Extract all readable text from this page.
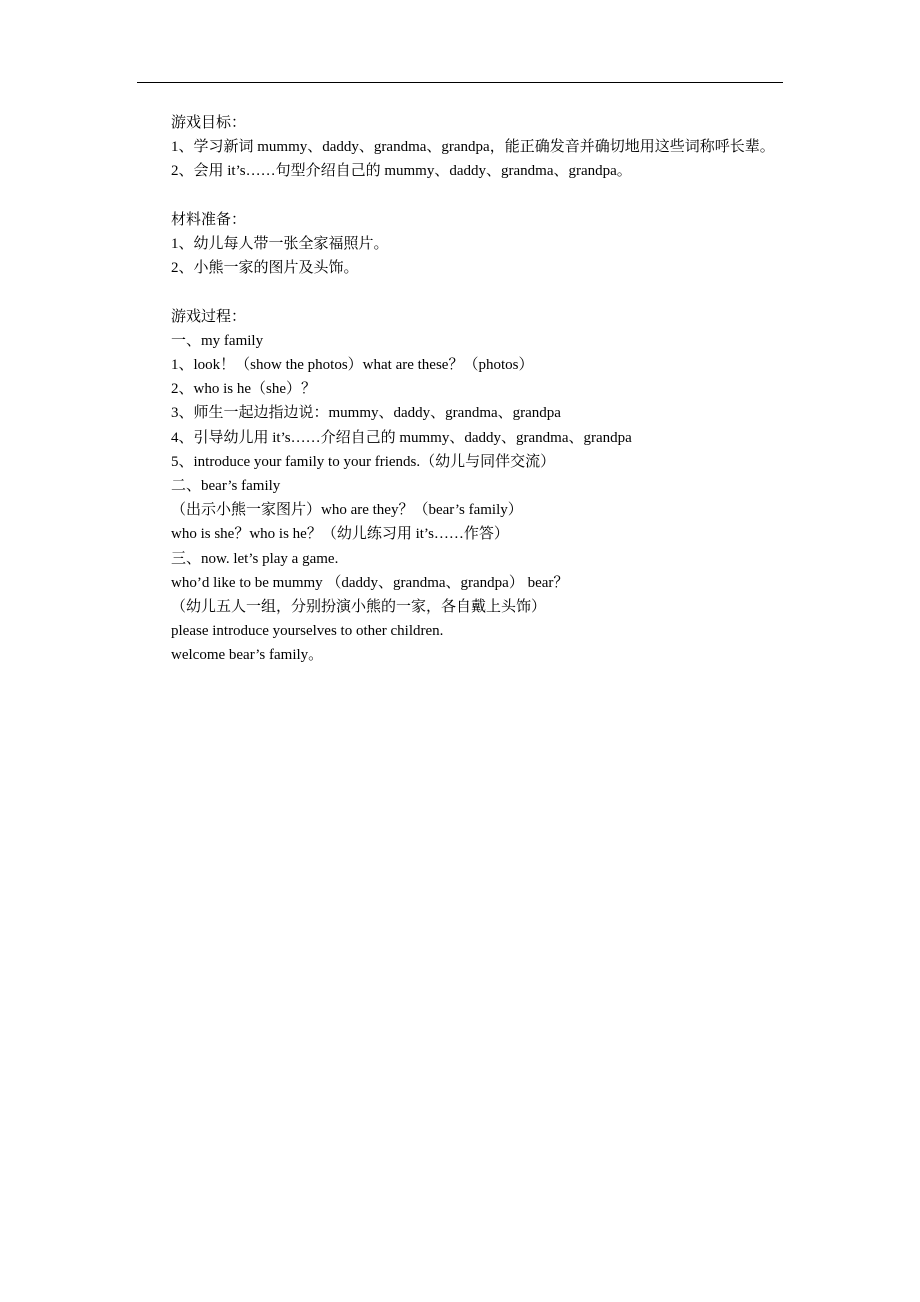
游戏目标：
1、学习新词 mummy、daddy、grandma、grandpa，能正确发音并确切地用这些词称呼长辈。
2、会用 it’s……句型介绍自己的 mummy、daddy、grandma、grandpa。
材料准备：
1、幼儿每人带一张全家福照片。
2、小熊一家的图片及头饰。
游戏过程：
一、my family
1、look！（show the photos）what are these？（photos）
2、who is he（she）？
3、师生一起边指边说：mummy、daddy、grandma、grandpa
4、引导幼儿用 it’s……介绍自己的 mummy、daddy、grandma、grandpa
5、introduce your family to your friends.（幼儿与同伴交流）
二、bear’s family
（出示小熊一家图片）who are they？（bear’s family）
who is she？who is he？（幼儿练习用 it’s……作答）
三、now. let’s play a game.
who’d like to be mummy （daddy、grandma、grandpa） bear？
（幼儿五人一组，分别扮演小熊的一家，各自戴上头饰）
please introduce yourselves to other children.
welcome bear’s family。
